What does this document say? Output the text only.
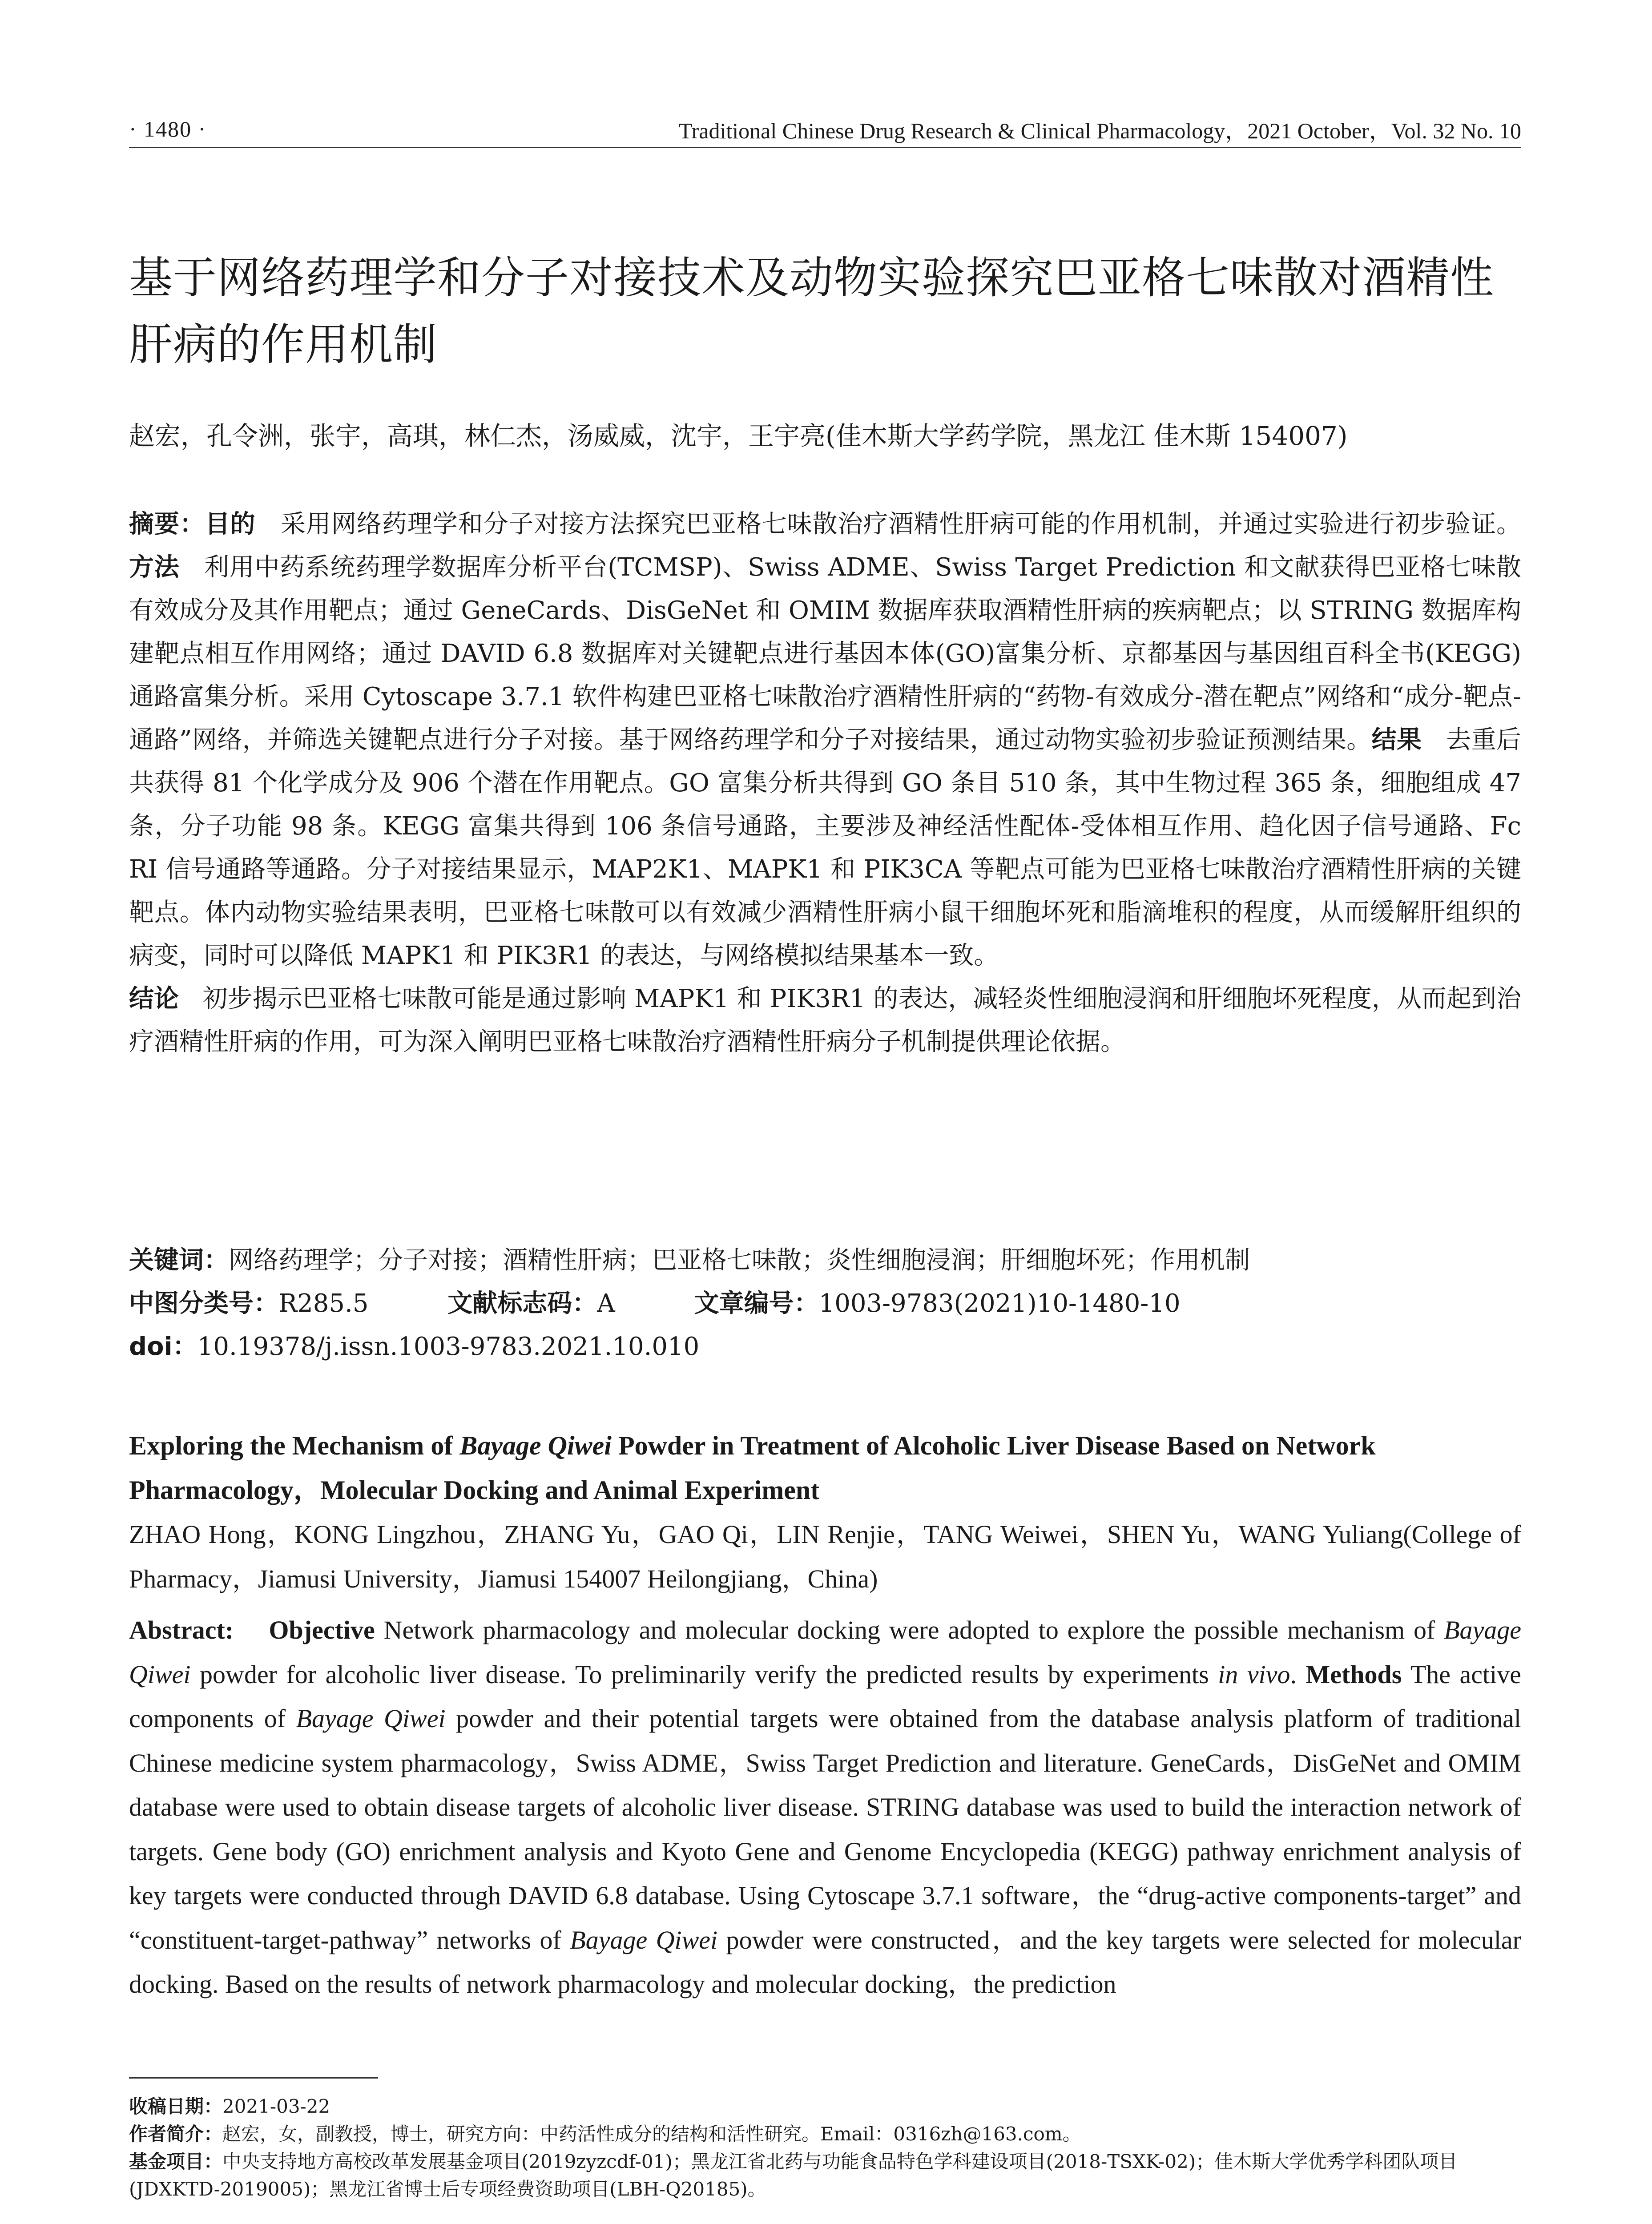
· 1480 ·	Traditional Chinese Drug Research & Clinical Pharmacology，2021 October，Vol. 32 No. 10
基于网络药理学和分子对接技术及动物实验探究巴亚格七味散对酒精性肝病的作用机制
赵宏，孔令洲，张宇，高琪，林仁杰，汤威威，沈宇，王宇亮(佳木斯大学药学院，黑龙江 佳木斯 154007)

摘要：目的 采用网络药理学和分子对接方法探究巴亚格七味散治疗酒精性肝病可能的作用机制，并通过实验进行初步验证。方法 利用中药系统药理学数据库分析平台(TCMSP)、Swiss ADME、Swiss Target Prediction 和文献获得巴亚格七味散有效成分及其作用靶点；通过 GeneCards、DisGeNet 和 OMIM 数据库获取酒精性肝病的疾病靶点；以 STRING 数据库构建靶点相互作用网络；通过 DAVID 6.8 数据库对关键靶点进行基因本体(GO)富集分析、京都基因与基因组百科全书(KEGG)通路富集分析。采用 Cytoscape 3.7.1 软件构建巴亚格七味散治疗酒精性肝病的“药物-有效成分-潜在靶点”网络和“成分-靶点-通路”网络，并筛选关键靶点进行分子对接。基于网络药理学和分子对接结果，通过动物实验初步验证预测结果。结果 去重后共获得 81 个化学成分及 906 个潜在作用靶点。GO 富集分析共得到 GO 条目 510 条，其中生物过程 365 条，细胞组成 47 条，分子功能 98 条。KEGG 富集共得到 106 条信号通路，主要涉及神经活性配体-受体相互作用、趋化因子信号通路、Fc RI 信号通路等通路。分子对接结果显示，MAP2K1、MAPK1 和 PIK3CA 等靶点可能为巴亚格七味散治疗酒精性肝病的关键靶点。体内动物实验结果表明，巴亚格七味散可以有效减少酒精性肝病小鼠干细胞坏死和脂滴堆积的程度，从而缓解肝组织的病变，同时可以降低 MAPK1 和 PIK3R1 的表达，与网络模拟结果基本一致。
结论 初步揭示巴亚格七味散可能是通过影响 MAPK1 和 PIK3R1 的表达，减轻炎性细胞浸润和肝细胞坏死程度，从而起到治疗酒精性肝病的作用，可为深入阐明巴亚格七味散治疗酒精性肝病分子机制提供理论依据。

关键词：网络药理学；分子对接；酒精性肝病；巴亚格七味散；炎性细胞浸润；肝细胞坏死；作用机制
中图分类号：R285.5	文献标志码：A	文章编号：1003-9783(2021)10-1480-10
doi：10.19378/j.issn.1003-9783.2021.10.010
Exploring the Mechanism of Bayage Qiwei Powder in Treatment of Alcoholic Liver Disease Based on Network Pharmacology，Molecular Docking and Animal Experiment
ZHAO Hong，KONG Lingzhou，ZHANG Yu，GAO Qi，LIN Renjie，TANG Weiwei，SHEN Yu，WANG Yuliang(College of Pharmacy，Jiamusi University，Jiamusi 154007 Heilongjiang，China)

Abstract: Objective Network pharmacology and molecular docking were adopted to explore the possible mechanism of Bayage Qiwei powder for alcoholic liver disease. To preliminarily verify the predicted results by experiments in vivo. Methods The active components of Bayage Qiwei powder and their potential targets were obtained from the database analysis platform of traditional Chinese medicine system pharmacology，Swiss ADME，Swiss Target Prediction and literature. GeneCards，DisGeNet and OMIM database were used to obtain disease targets of alcoholic liver disease. STRING database was used to build the interaction network of targets. Gene body (GO) enrichment analysis and Kyoto Gene and Genome Encyclopedia (KEGG) pathway enrichment analysis of key targets were conducted through DAVID 6.8 database. Using Cytoscape 3.7.1 software，the “drug-active components-target” and “constituent-target-pathway” networks of Bayage Qiwei powder were constructed，and the key targets were selected for molecular docking. Based on the results of network pharmacology and molecular docking，the prediction

收稿日期：2021-03-22
作者简介：赵宏，女，副教授，博士，研究方向：中药活性成分的结构和活性研究。Email：0316zh@163.com。
基金项目：中央支持地方高校改革发展基金项目(2019zyzcdf-01)；黑龙江省北药与功能食品特色学科建设项目(2018-TSXK-02)；佳木斯大学优秀学科团队项目(JDXKTD-2019005)；黑龙江省博士后专项经费资助项目(LBH-Q20185)。
